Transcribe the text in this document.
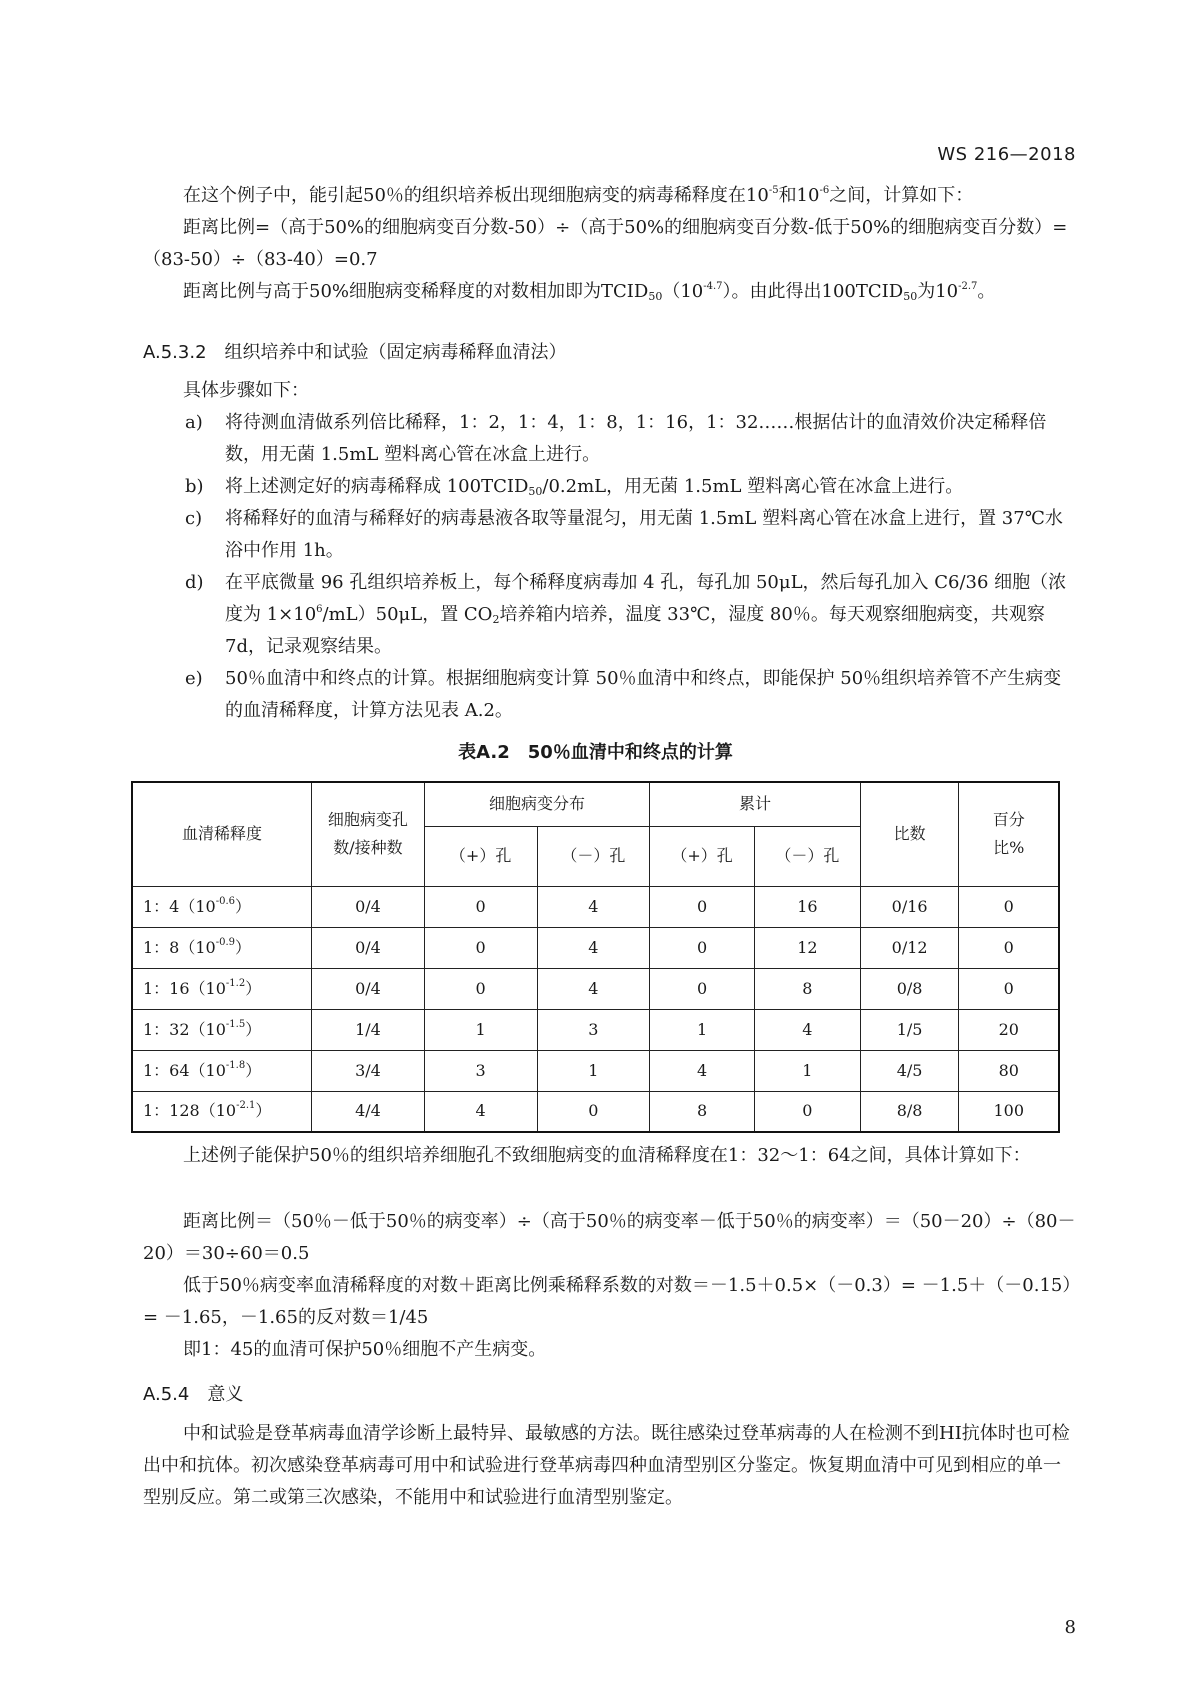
WS 216—2018
在这个例子中，能引起50％的组织培养板出现细胞病变的病毒稀释度在$10^{-5}$和$10^{-6}$之间，计算如下：
距离比例=（高于50%的细胞病变百分数-50）÷（高于50%的细胞病变百分数-低于50%的细胞病变百分数）=（83-50）÷（83-40）=0.7
距离比例与高于50%细胞病变稀释度的对数相加即为$TCID_{50}(10^{-4.7})$。由此得出$100TCID_{50}$为$10^{-2.7}$。
A.5.3.2 组织培养中和试验（固定病毒稀释血清法）
具体步骤如下：
a) 将待测血清做系列倍比稀释，1：2，1：4，1：8，1：16，1：32……根据估计的血清效价决定稀释倍数，用无菌 1.5mL 塑料离心管在冰盒上进行。
b) 将上述测定好的病毒稀释成 $100TCID_{50}/0.2mL$，用无菌 1.5mL 塑料离心管在冰盒上进行。
c) 将稀释好的血清与稀释好的病毒悬液各取等量混匀，用无菌 1.5mL 塑料离心管在冰盒上进行，置 37℃水浴中作用 1h。
d) 在平底微量 96 孔组织培养板上，每个稀释度病毒加 4 孔，每孔加 50μL，然后每孔加入 C6/36 细胞（浓度为 $1\times 10^6/mL)50\mu L$，置 $CO_2$培养箱内培养，温度 33℃，湿度 80％。每天观察细胞病变，共观察 7d，记录观察结果。
e) 50％血清中和终点的计算。根据细胞病变计算 50％血清中和终点，即能保护 50％组织培养管不产生病变的血清稀释度，计算方法见表 A.2。
表A.2　50％血清中和终点的计算
血清稀释度	细胞病变孔数/接种数	细胞病变分布		累计		比数	百分比%
		（+）孔	（－）孔	（+）孔	（－）孔		
1：$4(10^{-0.6})$	0/4	0	4	0	16	0/16	0
1：$8(10^{-0.9})$	0/4	0	4	0	12	0/12	0
1：$16(10^{-1.2})$	0/4	0	4	0	8	0/8	0
1：$32(10^{-1.5})$	1/4	1	3	1	4	1/5	20
1：$64(10^{-1.8})$	3/4	3	1	4	1	4/5	80
1：$128(10^{-2.1})$	4/4	4	0	8	0	8/8	100
上述例子能保护50％的组织培养细胞孔不致细胞病变的血清稀释度在1：32～1：64之间，具体计算如下：
距离比例＝（50％－低于50％的病变率）÷（高于50％的病变率－低于50％的病变率）＝（50－20）÷（80－20）＝30÷60＝0.5
低于50％病变率血清稀释度的对数＋距离比例乘稀释系数的对数＝－1.5＋0.5×（－0.3）= －1.5＋（－0.15）= －1.65，－1.65的反对数＝1/45
即1：45的血清可保护50％细胞不产生病变。
A.5.4 意义
中和试验是登革病毒血清学诊断上最特异、最敏感的方法。既往感染过登革病毒的人在检测不到HI抗体时也可检出中和抗体。初次感染登革病毒可用中和试验进行登革病毒四种血清型别区分鉴定。恢复期血清中可见到相应的单一型别反应。第二或第三次感染，不能用中和试验进行血清型别鉴定。
8
